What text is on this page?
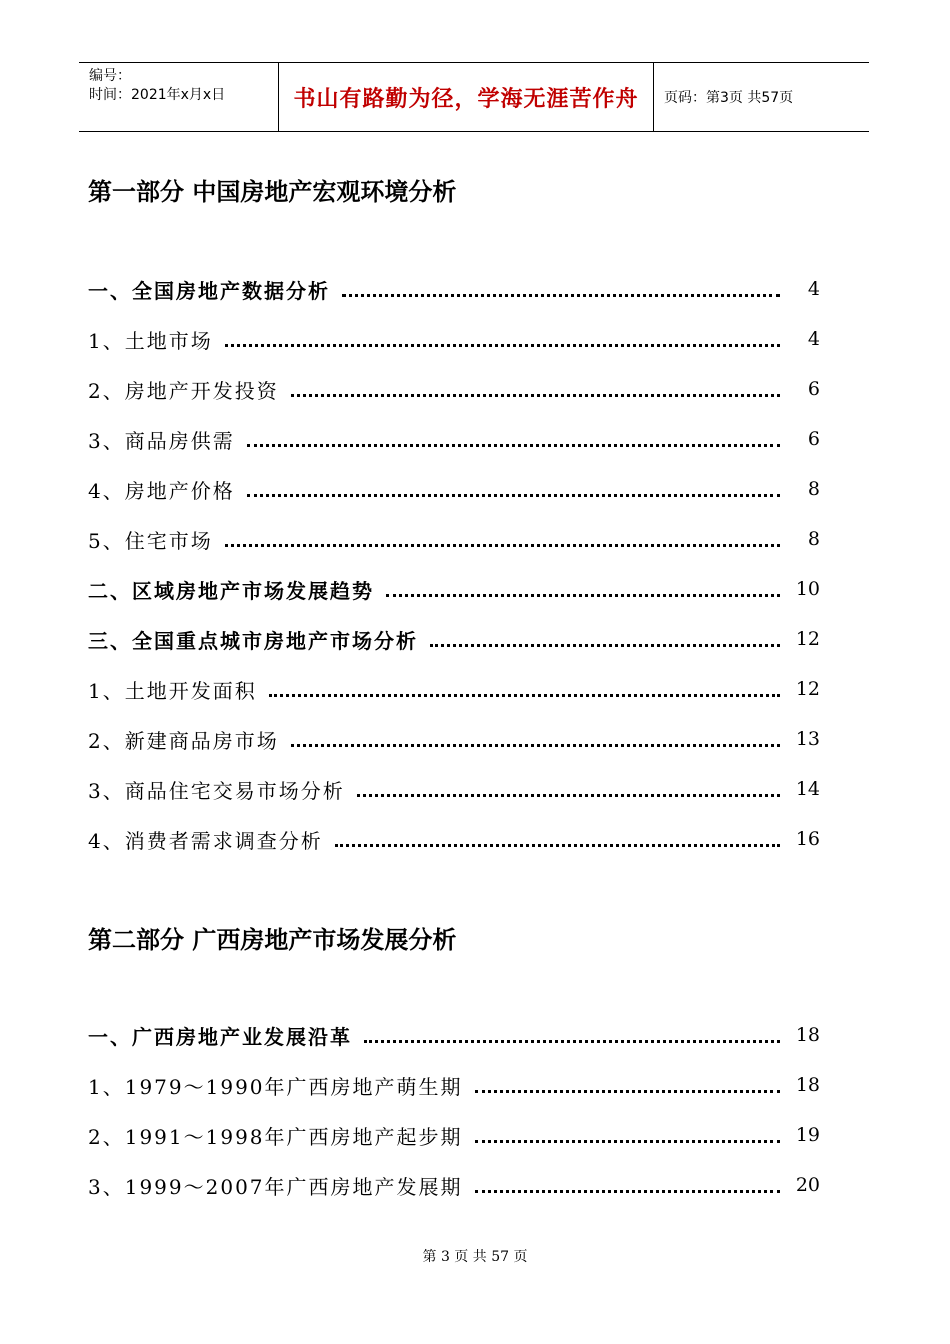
编号：
时间：2021年x月x日	书山有路勤为径，学海无涯苦作舟	页码：第3页 共57页
第一部分 中国房地产宏观环境分析
一、全国房地产数据分析	4
1、土地市场	4
2、房地产开发投资	6
3、商品房供需	6
4、房地产价格	8
5、住宅市场	8
二、区域房地产市场发展趋势	10
三、全国重点城市房地产市场分析	12
1、土地开发面积	12
2、新建商品房市场	13
3、商品住宅交易市场分析	14
4、消费者需求调查分析	16
第二部分 广西房地产市场发展分析
一、广西房地产业发展沿革	18
1、1979～1990年广西房地产萌生期	18
2、1991～1998年广西房地产起步期	19
3、1999～2007年广西房地产发展期	20
第 3 页 共 57 页
